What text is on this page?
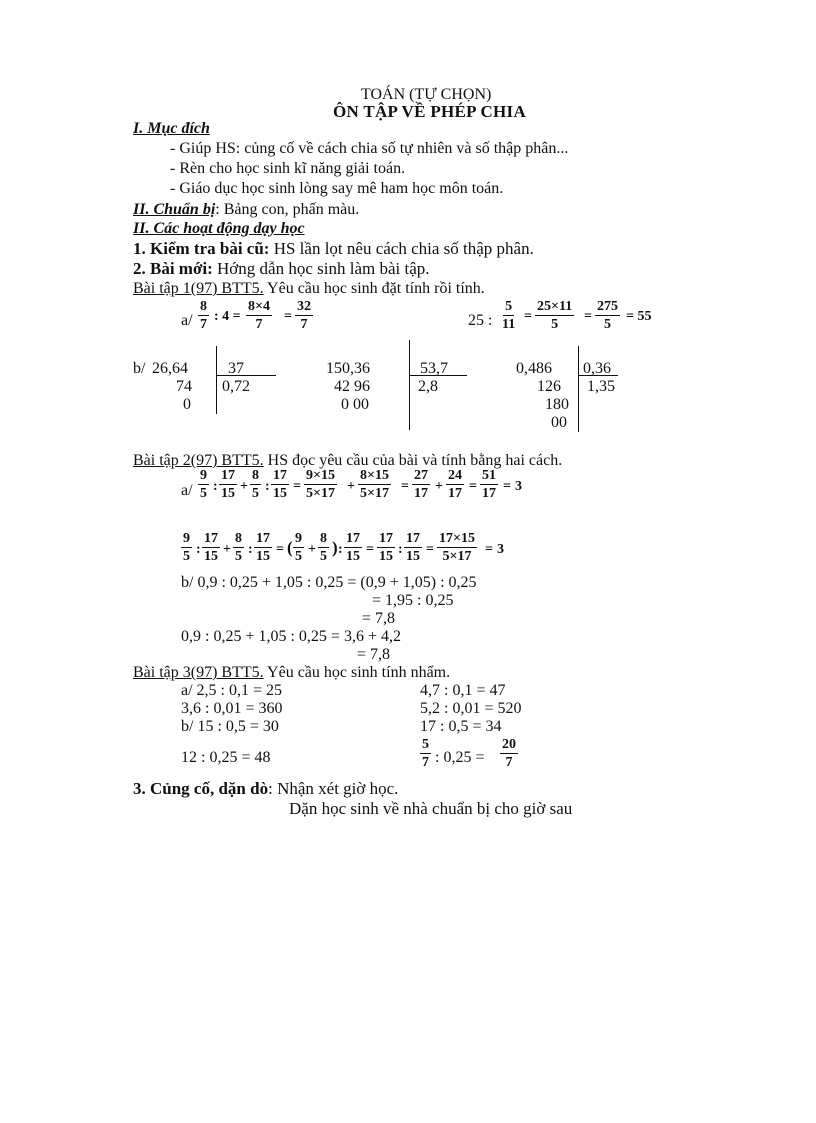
TOÁN (TỰ CHỌN)
ÔN TẬP VỀ PHÉP CHIA
I. Mục đích
- Giúp HS: củng cố về cách chia số tự nhiên và số thập phân...
- Rèn cho học sinh kĩ năng giải toán.
- Giáo dục học sinh lòng say mê ham học môn toán.
II. Chuẩn bị: Bảng con, phấn màu.
II. Các hoạt động dạy học
1. Kiểm tra bài cũ: HS lần lọt nêu cách chia số thập phân.
2. Bài mới: Hớng dẫn học sinh làm bài tập.
Bài tập 1(97) BTT5. Yêu cầu học sinh đặt tính rồi tính.
$a/ \frac{8}{7}$ : $4 = \frac{8\times 4}{7} = \frac{32}{7}$	25 : $\frac{5}{11} = \frac{25\times 11}{5} = \frac{275}{5} = 55$
b/ 26,64
74
0
37
0,72
150,36
42 96
0 00
53,7
2,8
0,486
126
180
00
0,36
1,35
Bài tập 2(97) BTT5. HS đọc yêu cầu của bài và tính bằng hai cách.
$a/ \frac{9}{5}$ : $\frac{17}{15} + \frac{8}{5}$ : $\frac{17}{15} = \frac{9\times 15}{5\times 17} + \frac{8\times 15}{5\times 17} = \frac{27}{17} + \frac{24}{17} = \frac{51}{17} = 3$
$\frac{9}{5}$ : $\frac{17}{15} + \frac{8}{5}$ : $\frac{17}{15}$ = ( $\frac{9}{5} + \frac{8}{5}$ ) : $\frac{17}{15} = \frac{17}{15}$ : $\frac{17}{15} = \frac{17\times 15}{5\times 17} = 3$
b/ 0,9 : 0,25 + 1,05 : 0,25 = (0,9 + 1,05) : 0,25
= 1,95 : 0,25
= 7,8
0,9 : 0,25 + 1,05 : 0,25 = 3,6 + 4,2
= 7,8
Bài tập 3(97) BTT5. Yêu cầu học sinh tính nhẩm.
a/ 2,5 : 0,1 = 25
3,6 : 0,01 = 360
b/ 15 : 0,5 = 30
12 : 0,25 = 48
4,7 : 0,1 = 47
5,2 : 0,01 = 520
17 : 0,5 = 34
$\frac{5}{7}$ : $0,25 = \frac{20}{7}$
3. Củng cố, dặn dò: Nhận xét giờ học.
Dặn học sinh về nhà chuẩn bị cho giờ sau
